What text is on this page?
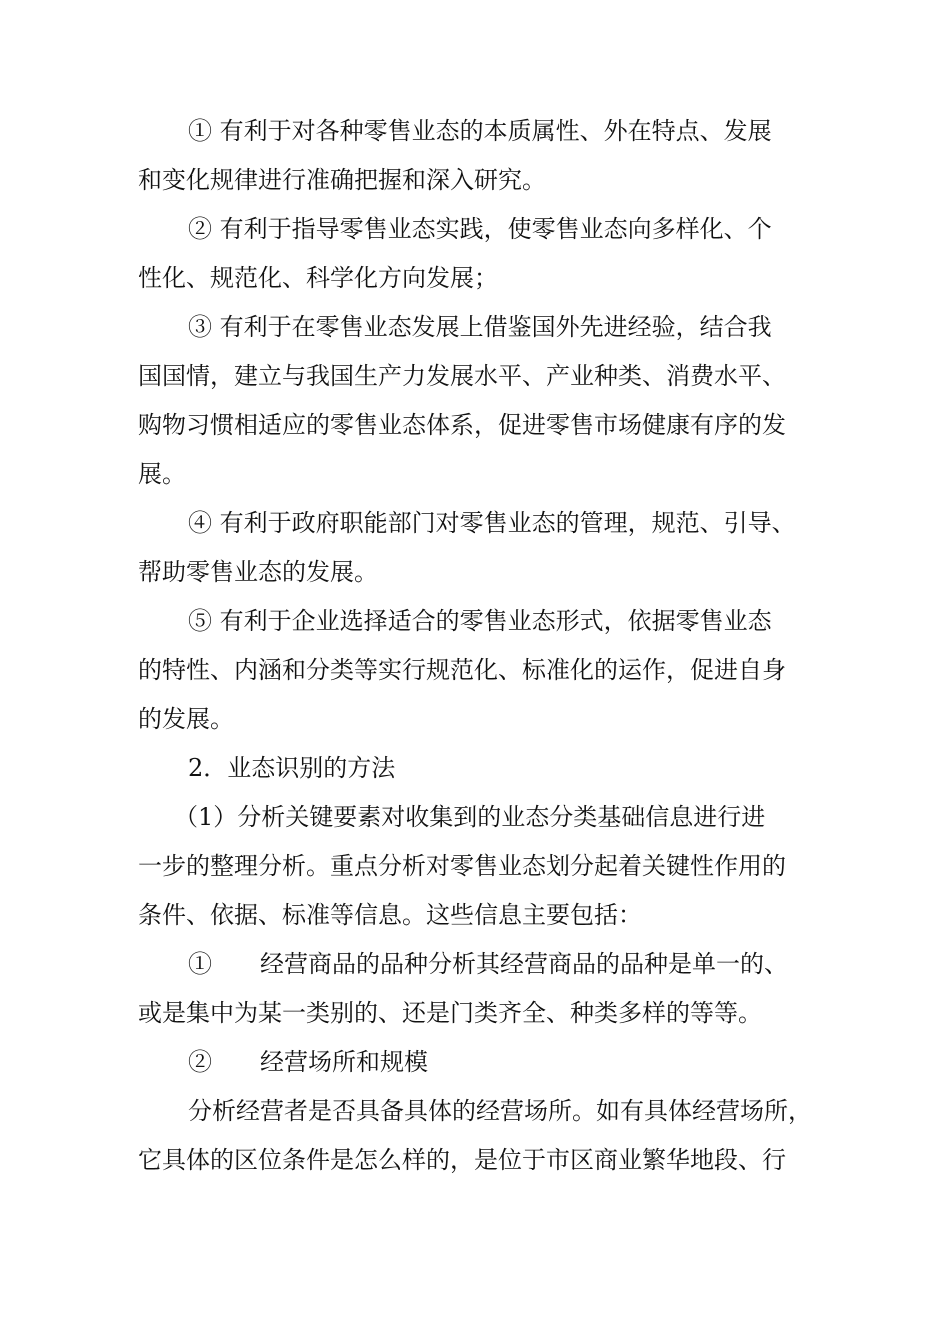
① 有利于对各种零售业态的本质属性、外在特点、发展
和变化规律进行准确把握和深入研究。
② 有利于指导零售业态实践，使零售业态向多样化、个
性化、规范化、科学化方向发展；
③ 有利于在零售业态发展上借鉴国外先进经验，结合我
国国情，建立与我国生产力发展水平、产业种类、消费水平、
购物习惯相适应的零售业态体系，促进零售市场健康有序的发
展。
④ 有利于政府职能部门对零售业态的管理，规范、引导、
帮助零售业态的发展。
⑤ 有利于企业选择适合的零售业态形式，依据零售业态
的特性、内涵和分类等实行规范化、标准化的运作，促进自身
的发展。
2．业态识别的方法
（1）分析关键要素对收集到的业态分类基础信息进行进
一步的整理分析。重点分析对零售业态划分起着关键性作用的
条件、依据、标准等信息。这些信息主要包括：
①　　经营商品的品种分析其经营商品的品种是单一的、
或是集中为某一类别的、还是门类齐全、种类多样的等等。
②　　经营场所和规模
分析经营者是否具备具体的经营场所。如有具体经营场所，
它具体的区位条件是怎么样的，是位于市区商业繁华地段、行
